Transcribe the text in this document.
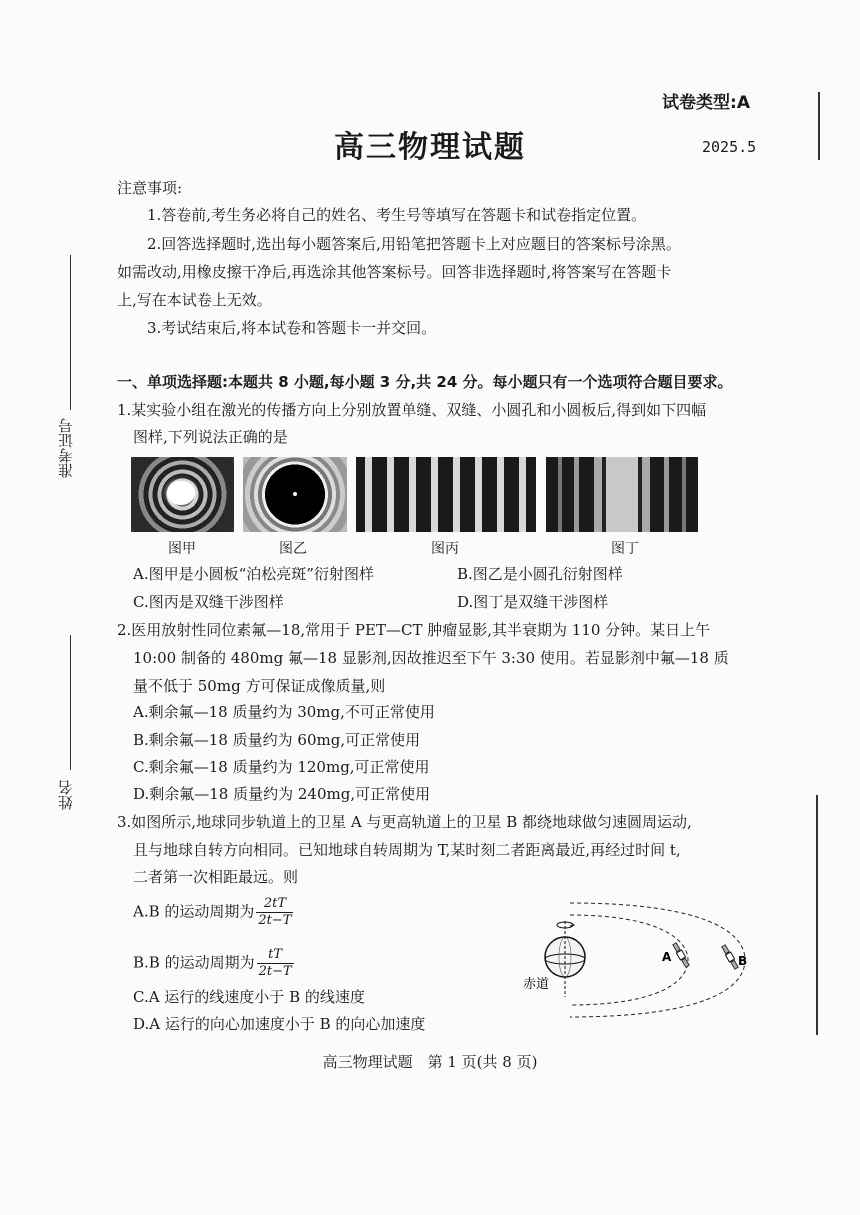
试卷类型:A
高三物理试题	2025.5
准考证号
姓名
注意事项:
1.答卷前,考生务必将自己的姓名、考生号等填写在答题卡和试卷指定位置。
2.回答选择题时,选出每小题答案后,用铅笔把答题卡上对应题目的答案标号涂黑。
如需改动,用橡皮擦干净后,再选涂其他答案标号。回答非选择题时,将答案写在答题卡
上,写在本试卷上无效。
3.考试结束后,将本试卷和答题卡一并交回。
一、单项选择题:本题共 8 小题,每小题 3 分,共 24 分。每小题只有一个选项符合题目要求。
1.某实验小组在激光的传播方向上分别放置单缝、双缝、小圆孔和小圆板后,得到如下四幅
图样,下列说法正确的是
图甲	图乙	图丙	图丁
A.图甲是小圆板“泊松亮斑”衍射图样	B.图乙是小圆孔衍射图样
C.图丙是双缝干涉图样	D.图丁是双缝干涉图样
2.医用放射性同位素氟—18,常用于 PET—CT 肿瘤显影,其半衰期为 110 分钟。某日上午
10:00 制备的 480mg 氟—18 显影剂,因故推迟至下午 3:30 使用。若显影剂中氟—18 质
量不低于 50mg 方可保证成像质量,则
A.剩余氟—18 质量约为 30mg,不可正常使用
B.剩余氟—18 质量约为 60mg,可正常使用
C.剩余氟—18 质量约为 120mg,可正常使用
D.剩余氟—18 质量约为 240mg,可正常使用
3.如图所示,地球同步轨道上的卫星 A 与更高轨道上的卫星 B 都绕地球做匀速圆周运动,
且与地球自转方向相同。已知地球自转周期为 T,某时刻二者距离最近,再经过时间 t,
二者第一次相距最远。则
A.B 的运动周期为 $\frac{2tT}{2t-T}$
B.B 的运动周期为 $\frac{tT}{2t-T}$
C.A 运行的线速度小于 B 的线速度
D.A 运行的向心加速度小于 B 的向心加速度
A	B
赤道
高三物理试题　第 1 页(共 8 页)
